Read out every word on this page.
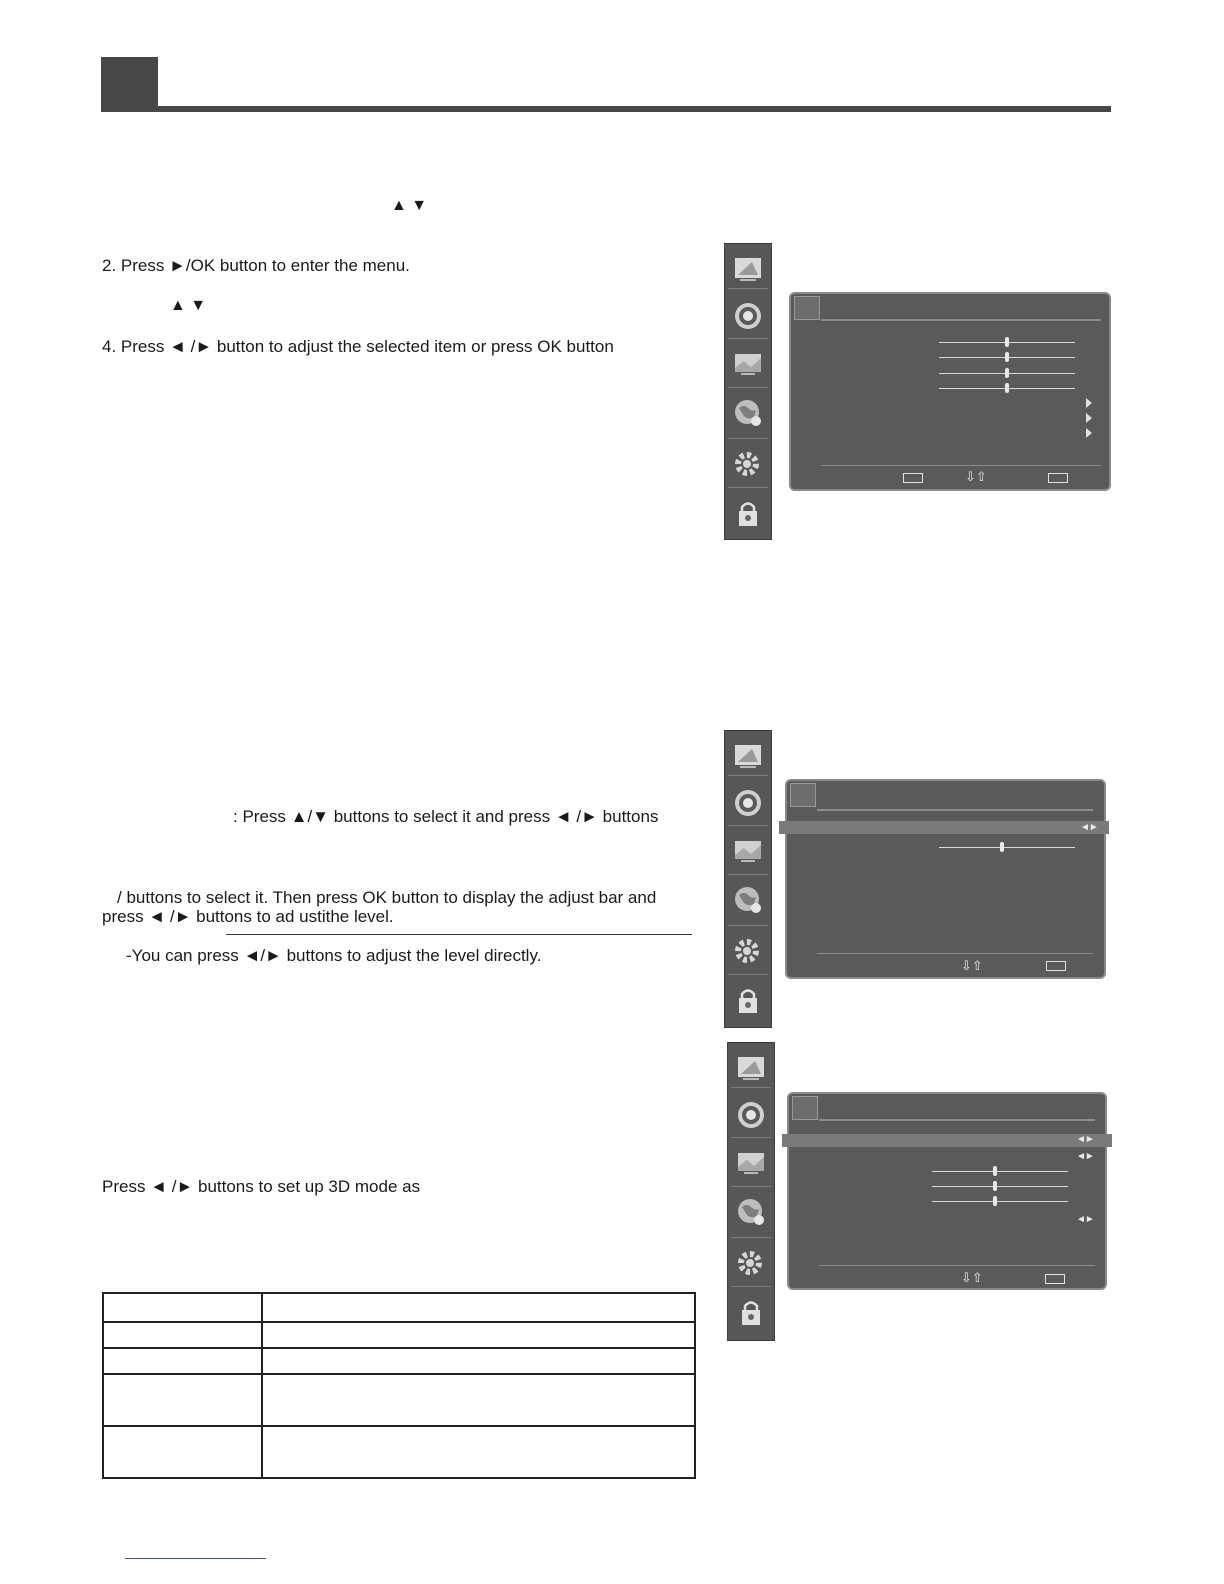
▲ ▼
2. Press ►/OK button to enter the menu.
▲ ▼
4. Press ◄ /► button to adjust the selected item or press OK button
: Press ▲/▼ buttons to select it and press ◄ /► buttons
/ buttons to select it. Then press OK button to display the adjust bar and
press ◄ /► buttons to ad ustithe level.
-You can press ◄/► buttons to adjust the level directly.
Press ◄ /► buttons to set up 3D mode as
⇩⇧
◄►
⇩⇧
◄►
◄►
◄►
⇩⇧
